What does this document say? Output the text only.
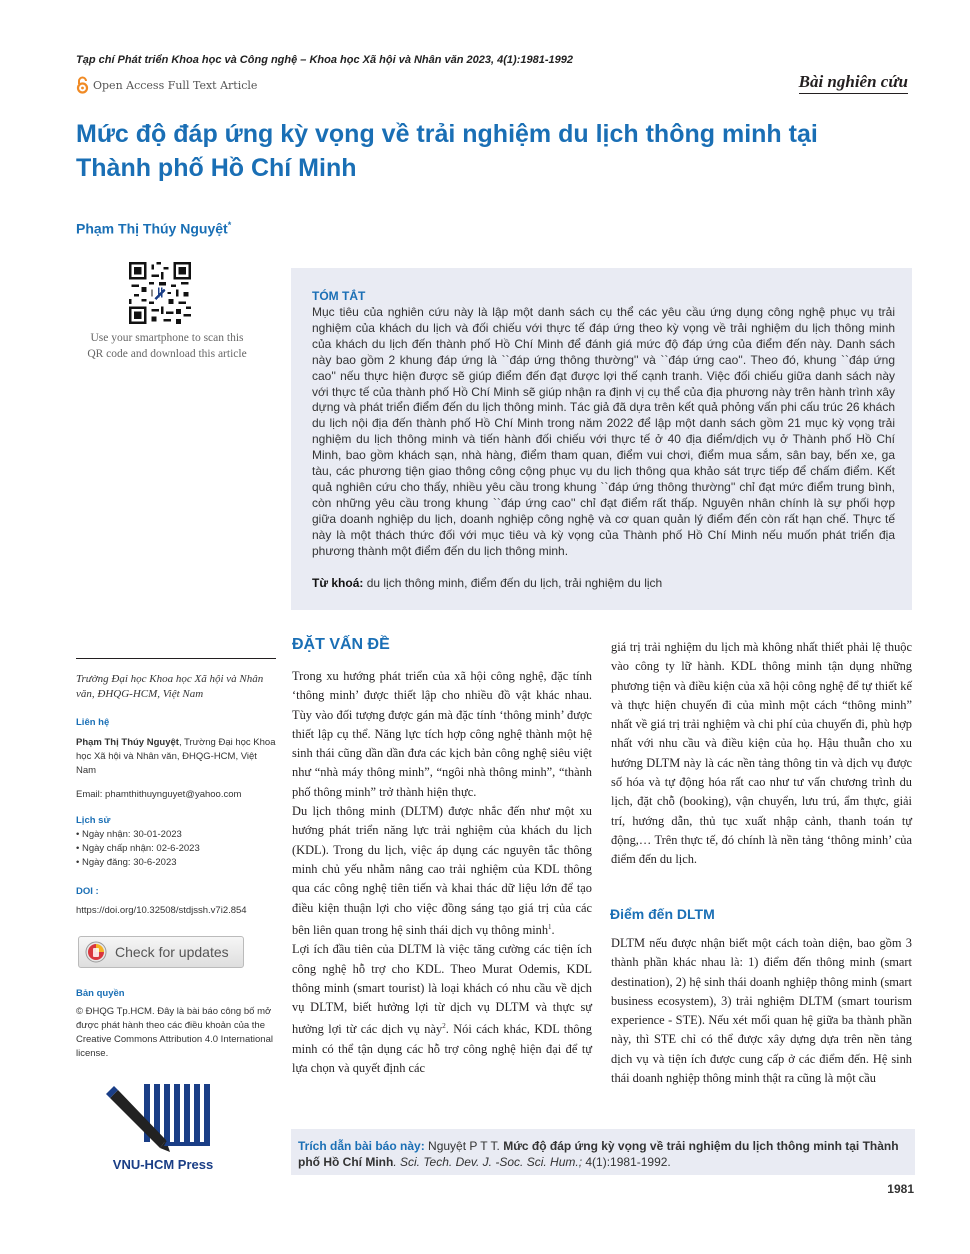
Tạp chí Phát triển Khoa học và Công nghệ – Khoa học Xã hội và Nhân văn 2023, 4(1):1981-1992
Open Access Full Text Article	Bài nghiên cứu
Mức độ đáp ứng kỳ vọng về trải nghiệm du lịch thông minh tại
Thành phố Hồ Chí Minh
Phạm Thị Thúy Nguyệt*
Use your smartphone to scan this
QR code and download this article
TÓM TẮT
Mục tiêu của nghiên cứu này là lập một danh sách cụ thể các yêu cầu ứng dụng công nghệ phục vụ trải nghiệm của khách du lịch và đối chiếu với thực tế đáp ứng theo kỳ vọng về trải nghiệm du lịch thông minh của khách du lịch đến thành phố Hồ Chí Minh để đánh giá mức độ đáp ứng của điểm đến này. Danh sách này bao gồm 2 khung đáp ứng là ``đáp ứng thông thường'' và ``đáp ứng cao''. Theo đó, khung ``đáp ứng cao'' nếu thực hiện được sẽ giúp điểm đến đạt được lợi thế cạnh tranh. Việc đối chiếu giữa danh sách này với thực tế của thành phố Hồ Chí Minh sẽ giúp nhận ra định vị cụ thể của địa phương này trên hành trình xây dựng và phát triển điểm đến du lịch thông minh. Tác giả đã dựa trên kết quả phỏng vấn phi cấu trúc 26 khách du lịch nội địa đến thành phố Hồ Chí Minh trong năm 2022 để lập một danh sách gồm 21 mục kỳ vọng trải nghiệm du lịch thông minh và tiến hành đối chiếu với thực tế ở 40 địa điểm/dịch vụ ở Thành phố Hồ Chí Minh, bao gồm khách sạn, nhà hàng, điểm tham quan, điểm vui chơi, điểm mua sắm, sân bay, bến xe, ga tàu, các phương tiện giao thông công cộng phục vụ du lịch thông qua khảo sát trực tiếp để chấm điểm. Kết quả nghiên cứu cho thấy, nhiều yêu cầu trong khung ``đáp ứng thông thường'' chỉ đạt mức điểm trung bình, còn những yêu cầu trong khung ``đáp ứng cao'' chỉ đạt điểm rất thấp. Nguyên nhân chính là sự phối hợp giữa doanh nghiệp du lịch, doanh nghiệp công nghệ và cơ quan quản lý điểm đến còn rất hạn chế. Thực tế này là một thách thức đối với mục tiêu và kỳ vọng của Thành phố Hồ Chí Minh nếu muốn phát triển địa phương thành một điểm đến du lịch thông minh.
Từ khoá: du lịch thông minh, điểm đến du lịch, trải nghiệm du lịch
Trường Đại học Khoa học Xã hội và Nhân văn, ĐHQG-HCM, Việt Nam
Liên hệ
Phạm Thị Thúy Nguyệt, Trường Đại học Khoa học Xã hội và Nhân văn, ĐHQG-HCM, Việt Nam
Email: phamthithuynguyet@yahoo.com
Lịch sử
• Ngày nhận: 30-01-2023
• Ngày chấp nhận: 02-6-2023
• Ngày đăng: 30-6-2023
DOI :
https://doi.org/10.32508/stdjssh.v7i2.854
Check for updates
Bản quyền
© ĐHQG Tp.HCM. Đây là bài báo công bố mở được phát hành theo các điều khoản của the Creative Commons Attribution 4.0 International license.
VNU-HCM Press
ĐẶT VẤN ĐỀ

Trong xu hướng phát triển của xã hội công nghệ, đặc tính ‘thông minh’ được thiết lập cho nhiều đồ vật khác nhau. Tùy vào đối tượng được gán mà đặc tính ‘thông minh’ được thiết lập cụ thể. Năng lực tích hợp công nghệ thành một hệ sinh thái cũng dần dần đưa các kịch bản công nghệ siêu việt như “nhà máy thông minh”, “ngôi nhà thông minh”, “thành phố thông minh” trở thành hiện thực.

Du lịch thông minh (DLTM) được nhắc đến như một xu hướng phát triển năng lực trải nghiệm của khách du lịch (KDL). Trong du lịch, việc áp dụng các nguyên tắc thông minh chủ yếu nhằm nâng cao trải nghiệm của KDL thông qua các công nghệ tiên tiến và khai thác dữ liệu lớn để tạo điều kiện thuận lợi cho việc đồng sáng tạo giá trị của các bên liên quan trong hệ sinh thái dịch vụ thông minh$^1$.

Lợi ích đầu tiên của DLTM là việc tăng cường các tiện ích công nghệ hỗ trợ cho KDL. Theo Murat Odemis, KDL thông minh (smart tourist) là loại khách có nhu cầu về dịch vụ DLTM, biết hưởng lợi từ dịch vụ DLTM và thực sự hưởng lợi từ các dịch vụ này$^2$. Nói cách khác, KDL thông minh có thể tận dụng các hỗ trợ công nghệ hiện đại để tự lựa chọn và quyết định các

giá trị trải nghiệm du lịch mà không nhất thiết phải lệ thuộc vào công ty lữ hành. KDL thông minh tận dụng những phương tiện và điều kiện của xã hội công nghệ để tự thiết kế và thực hiện chuyến đi của mình một cách “thông minh” nhất về giá trị trải nghiệm và chi phí của chuyến đi, phù hợp nhất với nhu cầu và điều kiện của họ. Hậu thuẫn cho xu hướng DLTM này là các nền tảng thông tin và dịch vụ được số hóa và tự động hóa rất cao như tư vấn chương trình du lịch, đặt chỗ (booking), vận chuyển, lưu trú, ẩm thực, giải trí, hướng dẫn, thủ tục xuất nhập cảnh, thanh toán tự động,… Trên thực tế, đó chính là nền tảng ‘thông minh’ của điểm đến du lịch.

Điểm đến DLTM

DLTM nếu được nhận biết một cách toàn diện, bao gồm 3 thành phần khác nhau là: 1) điểm đến thông minh (smart destination), 2) hệ sinh thái doanh nghiệp thông minh (smart business ecosystem), 3) trải nghiệm DLTM (smart tourism experience - STE). Nếu xét mối quan hệ giữa ba thành phần này, thì STE chỉ có thể được xây dựng dựa trên nền tảng dịch vụ và tiện ích được cung cấp ở các điểm đến. Hệ sinh thái doanh nghiệp thông minh thật ra cũng là một cầu

Trích dẫn bài báo này: Nguyệt P T T. Mức độ đáp ứng kỳ vọng về trải nghiệm du lịch thông minh tại Thành phố Hồ Chí Minh. Sci. Tech. Dev. J. -Soc. Sci. Hum.; 4(1):1981-1992.
1981
